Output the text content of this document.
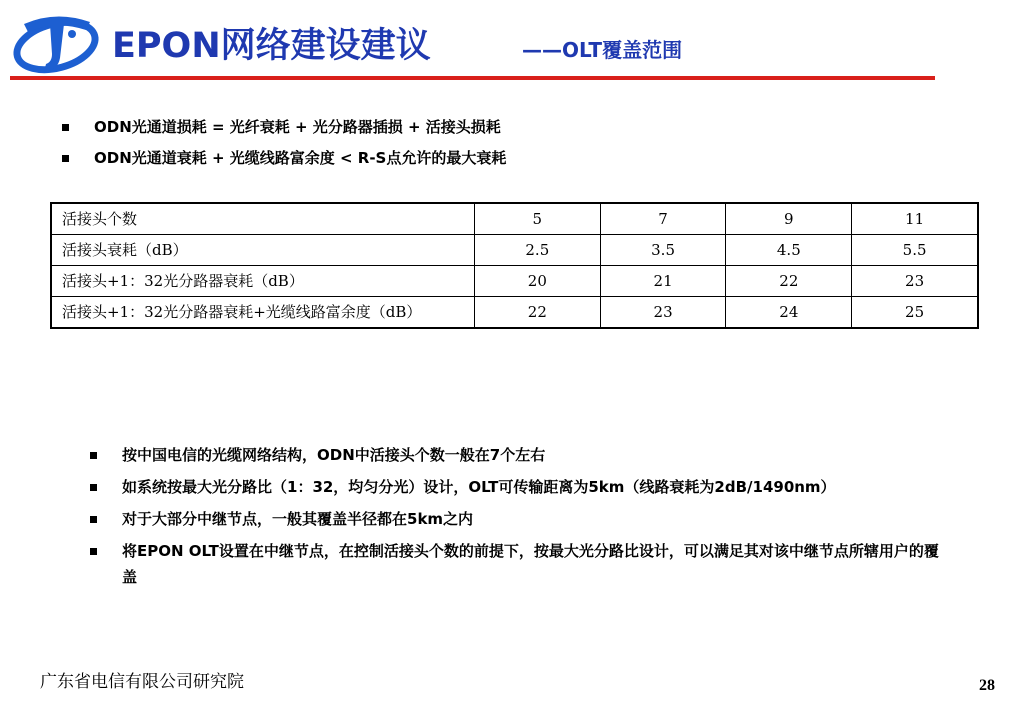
EPON网络建设建议	——OLT覆盖范围
ODN光通道损耗 = 光纤衰耗 + 光分路器插损 + 活接头损耗
ODN光通道衰耗 + 光缆线路富余度 < R-S点允许的最大衰耗
活接头个数	5	7	9	11
活接头衰耗（dB）	2.5	3.5	4.5	5.5
活接头+1：32光分路器衰耗（dB）	20	21	22	23
活接头+1：32光分路器衰耗+光缆线路富余度（dB）	22	23	24	25
按中国电信的光缆网络结构，ODN中活接头个数一般在7个左右
如系统按最大光分路比（1：32，均匀分光）设计，OLT可传输距离为5km（线路衰耗为2dB/1490nm）
对于大部分中继节点，一般其覆盖半径都在5km之内
将EPON OLT设置在中继节点，在控制活接头个数的前提下，按最大光分路比设计，可以满足其对该中继节点所辖用户的覆盖
广东省电信有限公司研究院	28
